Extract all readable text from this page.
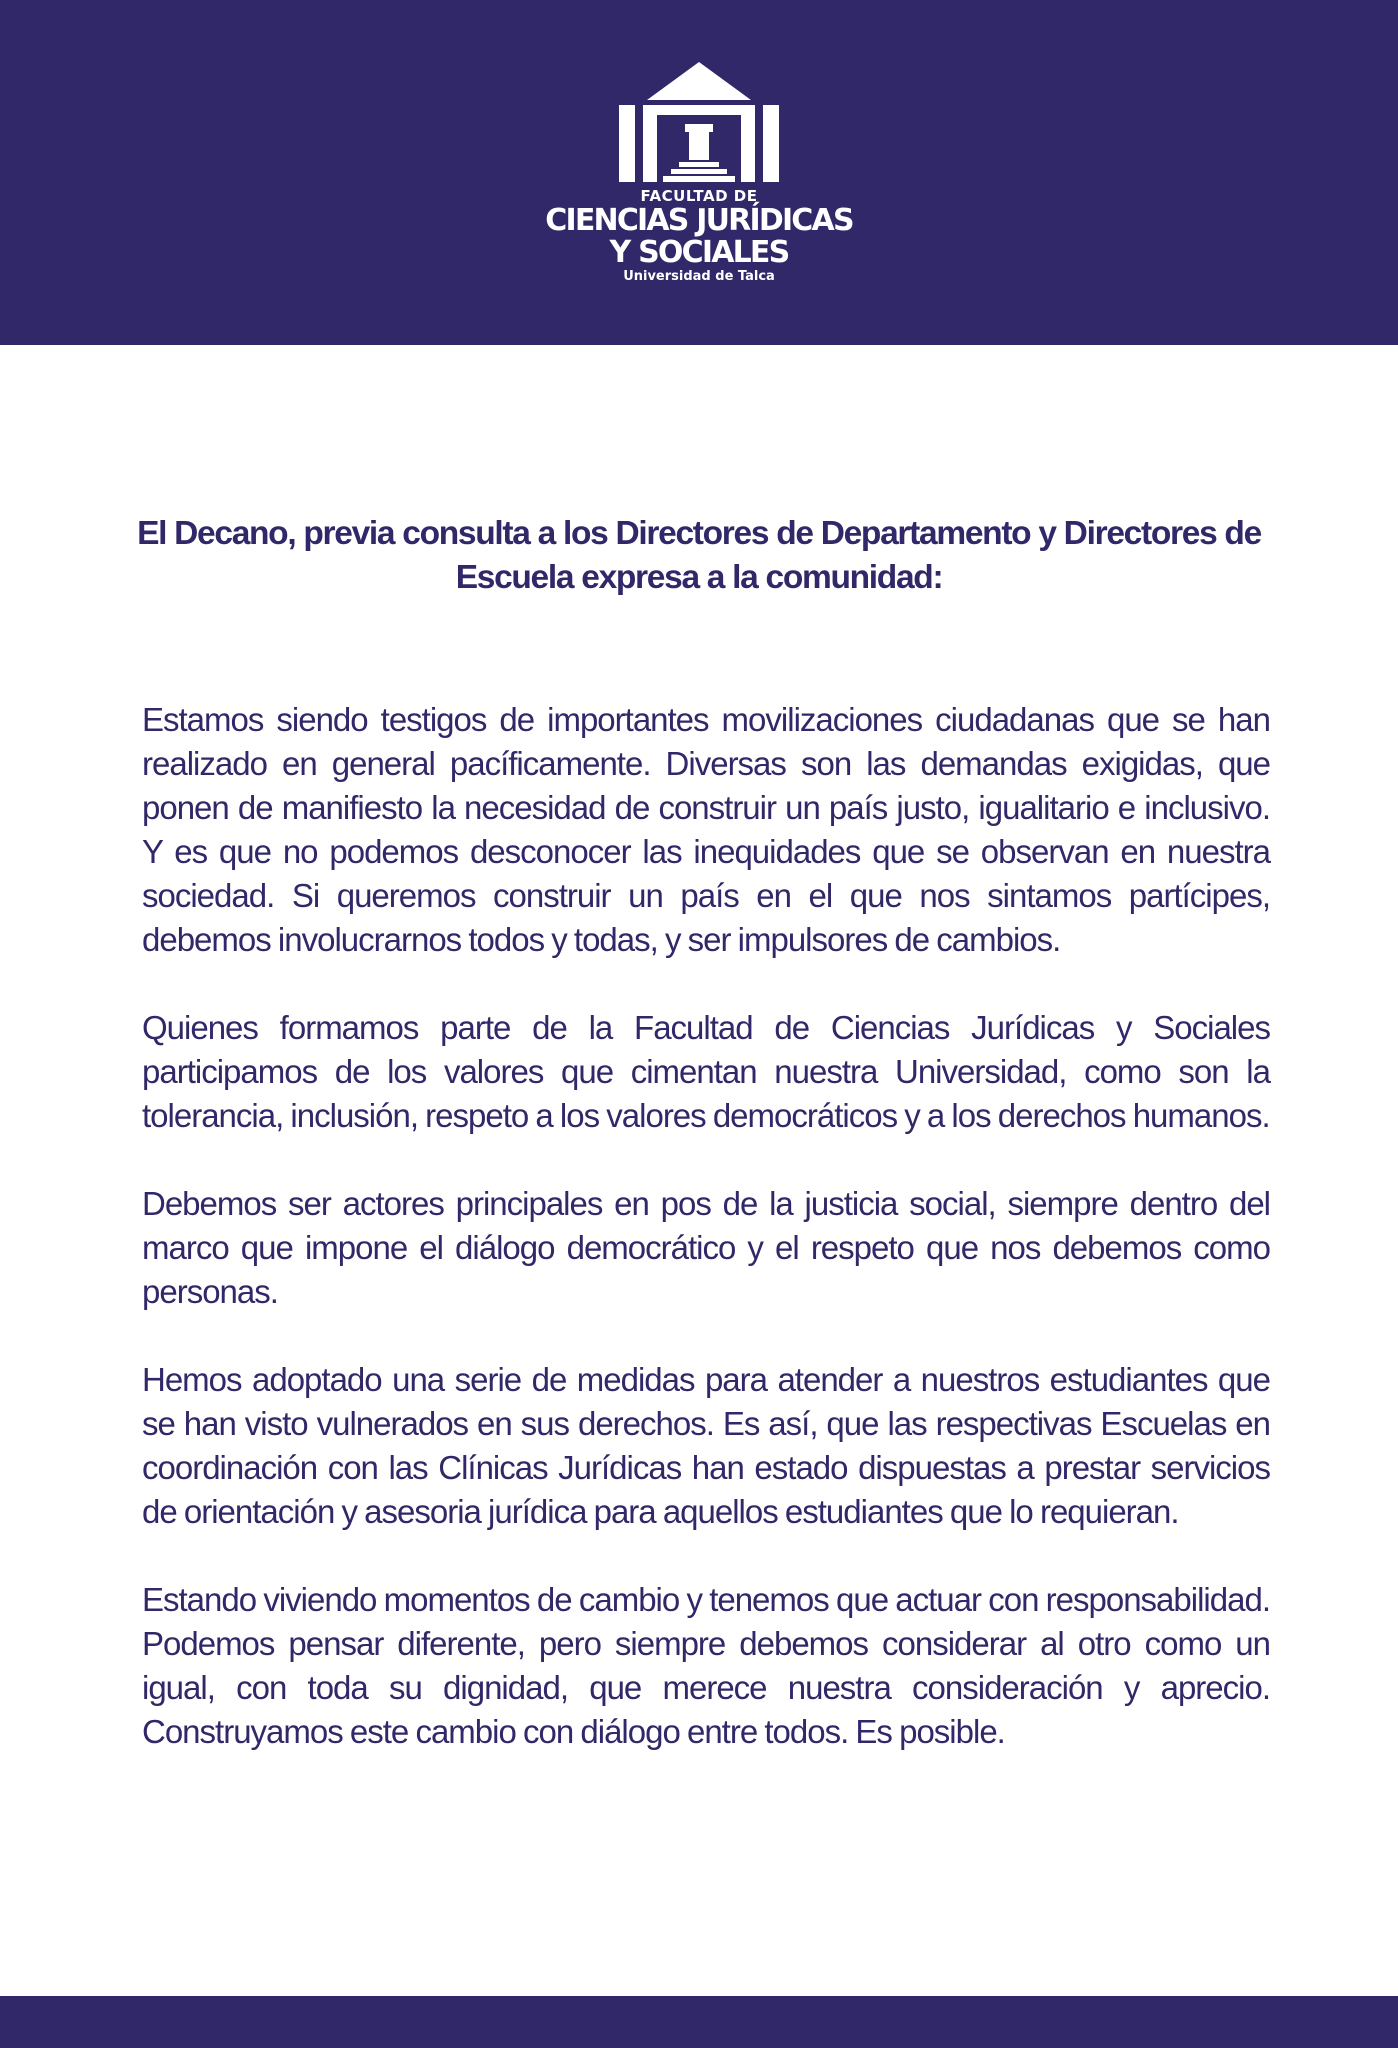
FACULTAD DE
CIENCIAS JURÍDICAS
Y SOCIALES
Universidad de Talca
El Decano, previa consulta a los Directores de Departamento y Directores de Escuela expresa a la comunidad:

Estamos siendo testigos de importantes movilizaciones ciudadanas que se han realizado en general pacíficamente. Diversas son las demandas exigidas, que ponen de manifiesto la necesidad de construir un país justo, igualitario e inclusivo. Y es que no podemos desconocer las inequidades que se observan en nuestra sociedad. Si queremos construir un país en el que nos sintamos partícipes, debemos involucrarnos todos y todas, y ser impulsores de cambios.

Quienes formamos parte de la Facultad de Ciencias Jurídicas y Sociales participamos de los valores que cimentan nuestra Universidad, como son la tolerancia, inclusión, respeto a los valores democráticos y a los derechos humanos.

Debemos ser actores principales en pos de la justicia social, siempre dentro del marco que impone el diálogo democrático y el respeto que nos debemos como personas.

Hemos adoptado una serie de medidas para atender a nuestros estudiantes que se han visto vulnerados en sus derechos. Es así, que las respectivas Escuelas en coordinación con las Clínicas Jurídicas han estado dispuestas a prestar servicios de orientación y asesoria jurídica para aquellos estudiantes que lo requieran.

Estando viviendo momentos de cambio y tenemos que actuar con responsabilidad. Podemos pensar diferente, pero siempre debemos considerar al otro como un igual, con toda su dignidad, que merece nuestra consideración y aprecio. Construyamos este cambio con diálogo entre todos. Es posible.
